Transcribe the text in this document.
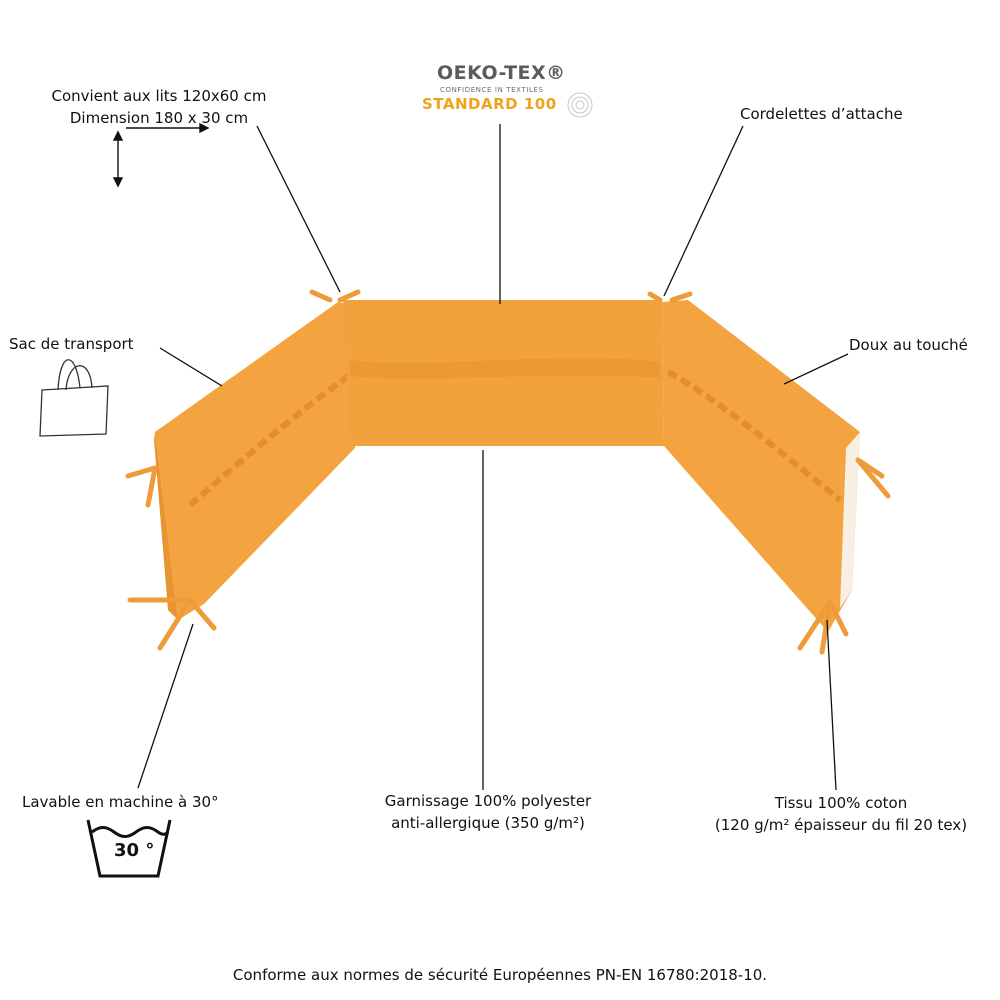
OEKO-TEX®
CONFIDENCE IN TEXTILES
STANDARD 100
Convient aux lits 120x60 cm
Dimension 180 x 30 cm	Cordelettes d’attache
Sac de transport	Doux au touché
Lavable en machine à 30°
30 °
Garnissage 100% polyester
anti-allergique (350 g/m²)
Tissu 100% coton
(120 g/m² épaisseur du fil 20 tex)
Conforme aux normes de sécurité Européennes PN-EN 16780:2018-10.
